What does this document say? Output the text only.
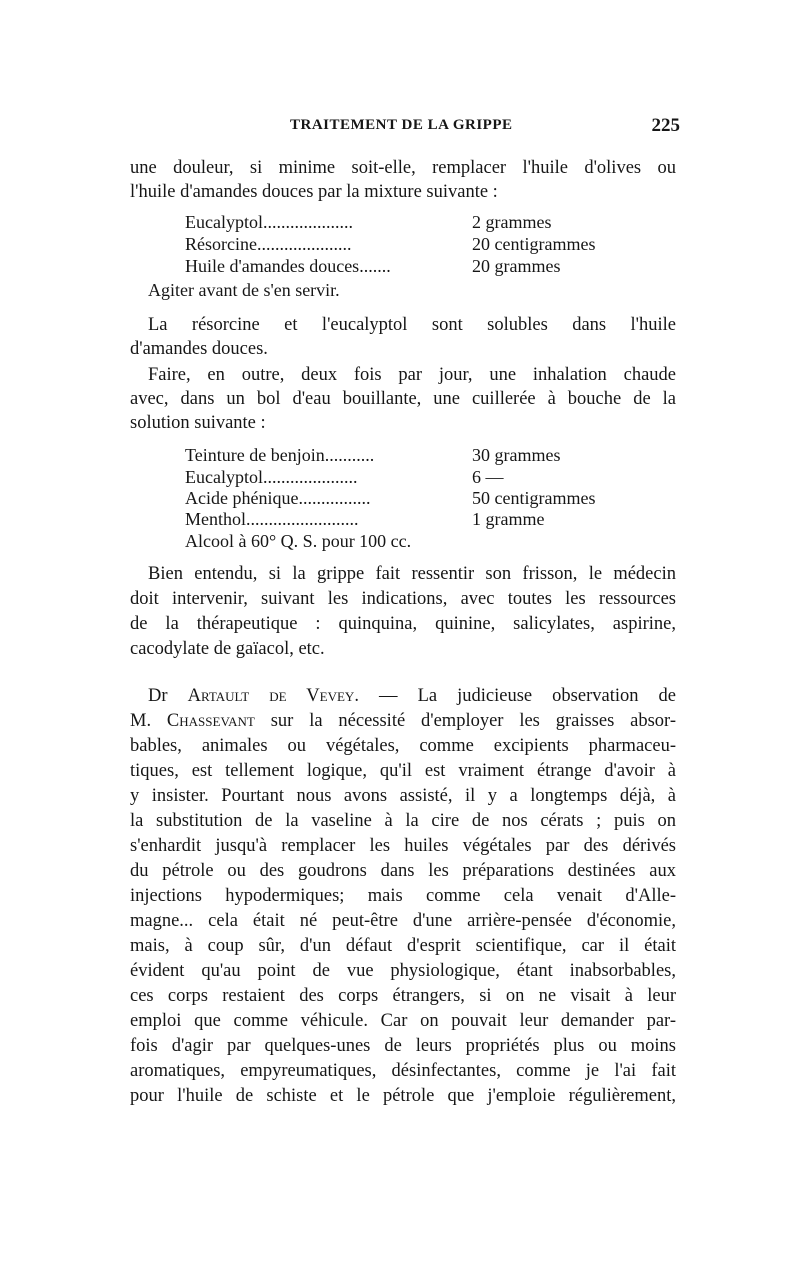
TRAITEMENT DE LA GRIPPE	225
une douleur, si minime soit-elle, remplacer l'huile d'olives ou
l'huile d'amandes douces par la mixture suivante :
Eucalyptol....................	2 grammes
Résorcine.....................	20 centigrammes
Huile d'amandes douces.......	20 grammes
Agiter avant de s'en servir.
La résorcine et l'eucalyptol sont solubles dans l'huile
d'amandes douces.
Faire, en outre, deux fois par jour, une inhalation chaude
avec, dans un bol d'eau bouillante, une cuillerée à bouche de la
solution suivante :
Teinture de benjoin...........	30 grammes
Eucalyptol.....................	6 —
Acide phénique................	50 centigrammes
Menthol.........................	1 gramme
Alcool à 60° Q. S. pour 100 cc.
Bien entendu, si la grippe fait ressentir son frisson, le médecin
doit intervenir, suivant les indications, avec toutes les ressources
de la thérapeutique : quinquina, quinine, salicylates, aspirine,
cacodylate de gaïacol, etc.
Dr Artault de Vevey. — La judicieuse observation de
M. Chassevant sur la nécessité d'employer les graisses absor-
bables, animales ou végétales, comme excipients pharmaceu-
tiques, est tellement logique, qu'il est vraiment étrange d'avoir à
y insister. Pourtant nous avons assisté, il y a longtemps déjà, à
la substitution de la vaseline à la cire de nos cérats ; puis on
s'enhardit jusqu'à remplacer les huiles végétales par des dérivés
du pétrole ou des goudrons dans les préparations destinées aux
injections hypodermiques; mais comme cela venait d'Alle-
magne... cela était né peut-être d'une arrière-pensée d'économie,
mais, à coup sûr, d'un défaut d'esprit scientifique, car il était
évident qu'au point de vue physiologique, étant inabsorbables,
ces corps restaient des corps étrangers, si on ne visait à leur
emploi que comme véhicule. Car on pouvait leur demander par-
fois d'agir par quelques-unes de leurs propriétés plus ou moins
aromatiques, empyreumatiques, désinfectantes, comme je l'ai fait
pour l'huile de schiste et le pétrole que j'emploie régulièrement,
